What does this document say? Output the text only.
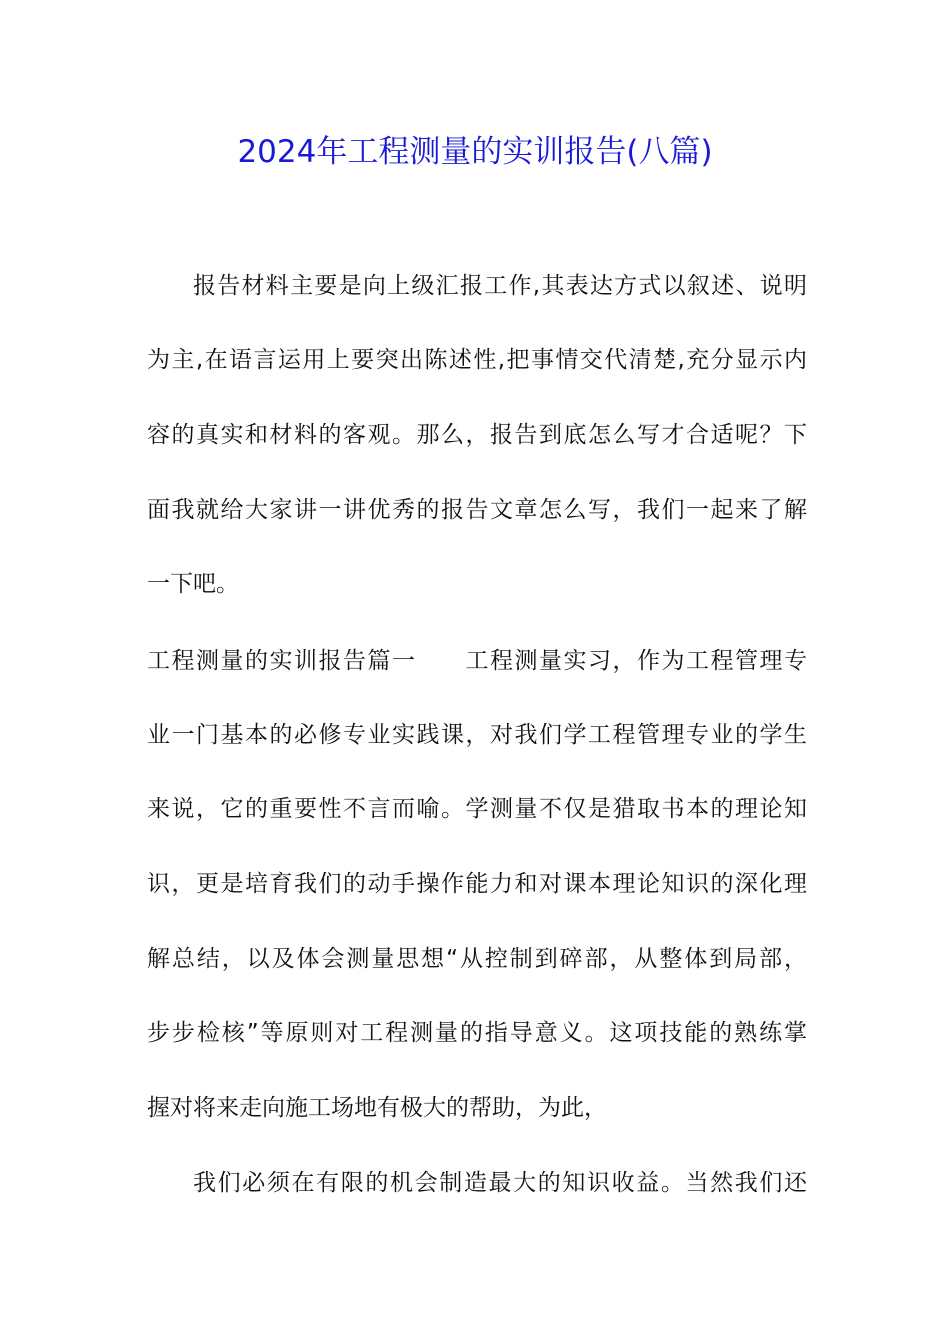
2024年工程测量的实训报告(八篇)
报告材料主要是向上级汇报工作,其表达方式以叙述、说明
为主,在语言运用上要突出陈述性,把事情交代清楚,充分显示内
容的真实和材料的客观。那么，报告到底怎么写才合适呢？下
面我就给大家讲一讲优秀的报告文章怎么写，我们一起来了解
一下吧。
工程测量的实训报告篇一　　工程测量实习，作为工程管理专
业一门基本的必修专业实践课，对我们学工程管理专业的学生
来说，它的重要性不言而喻。学测量不仅是猎取书本的理论知
识，更是培育我们的动手操作能力和对课本理论知识的深化理
解总结，以及体会测量思想“从控制到碎部，从整体到局部，
步步检核”等原则对工程测量的指导意义。这项技能的熟练掌
握对将来走向施工场地有极大的帮助，为此，
我们必须在有限的机会制造最大的知识收益。当然我们还
